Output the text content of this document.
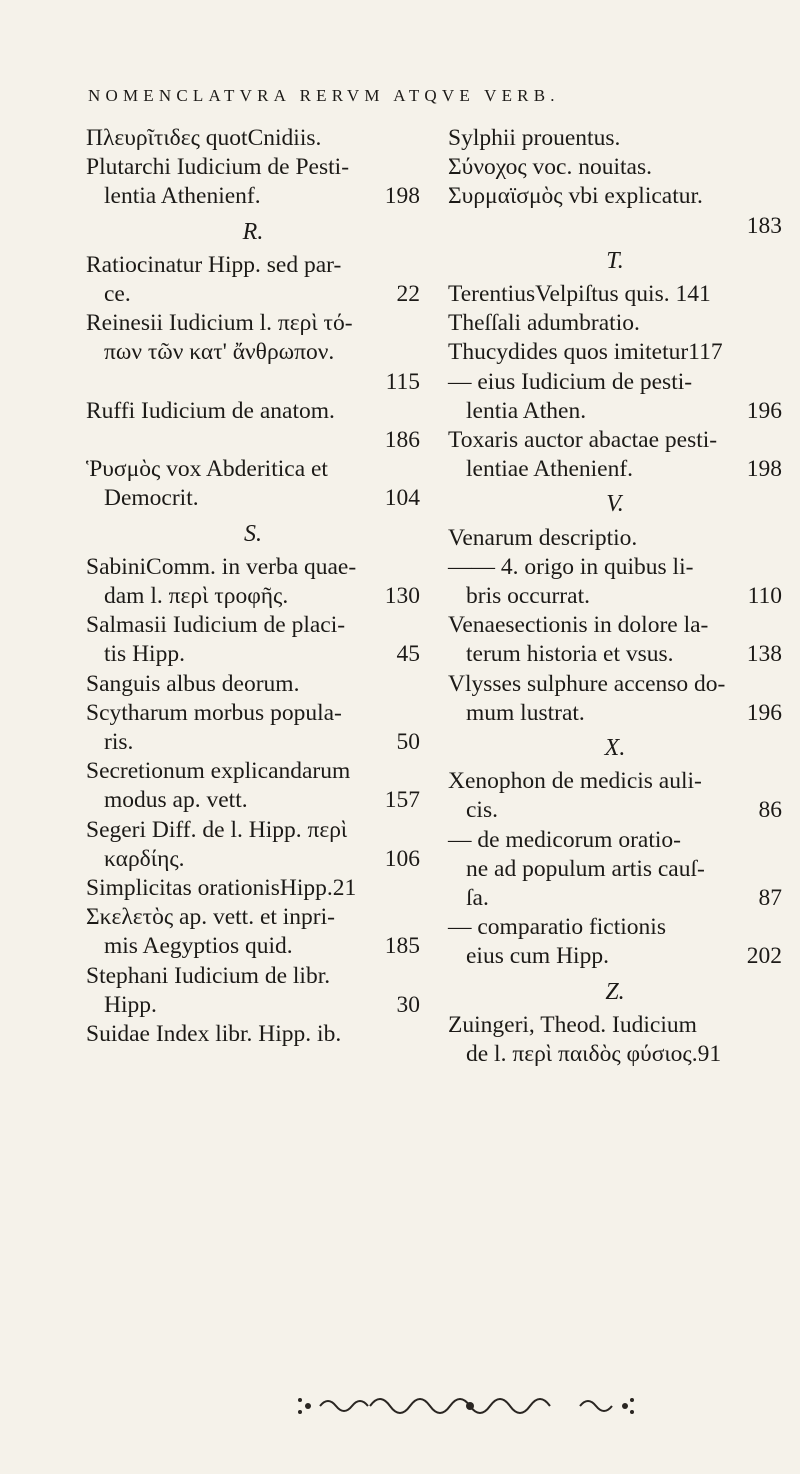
NOMENCLATVRA RERVM ATQVE VERB.
Πλευρῖτιδες quotCnidiis.
Plutarchi Iudicium de Pesti-
198
lentia Athenienf.
R.
Ratiocinatur Hipp. sed par-
22
ce.
Reinesii Iudicium l. περὶ τό-
πων τῶν κατ' ἄνθρωπον.
115
Ruffi Iudicium de anatom.
186
Ῥυσμὸς vox Abderitica et
104
Democrit.
S.
SabiniComm. in verba quae-
130
dam l. περὶ τροφῆς.
Salmasii Iudicium de placi-
45
tis Hipp.
Sanguis albus deorum.
Scytharum morbus popula-
50
ris.
Secretionum explicandarum
157
modus ap. vett.
Segeri Diff. de l. Hipp. περὶ
106
καρδίης.
Simplicitas orationisHipp.21
Σκελετὸς ap. vett. et inpri-
185
mis Aegyptios quid.
Stephani Iudicium de libr.
30
Hipp.
Suidae Index libr. Hipp. ib.
Sylphii prouentus.
Σύνοχος voc. nouitas.
Συρμαϊσμὸς vbi explicatur.
183
T.
TerentiusVelpiſtus quis. 141
Theſſali adumbratio.
Thucydides quos imitetur117
— eius Iudicium de pesti-
196
lentia Athen.
Toxaris auctor abactae pesti-
198
lentiae Athenienf.
V.
Venarum descriptio.
—— 4. origo in quibus li-
110
bris occurrat.
Venaesectionis in dolore la-
138
terum historia et vsus.
Vlysses sulphure accenso do-
196
mum lustrat.
X.
Xenophon de medicis auli-
86
cis.
— de medicorum oratio-
ne ad populum artis cauſ-
87
ſa.
— comparatio fictionis
202
eius cum Hipp.
Z.
Zuingeri, Theod. Iudicium
de l. περὶ παιδὸς φύσιος.91
